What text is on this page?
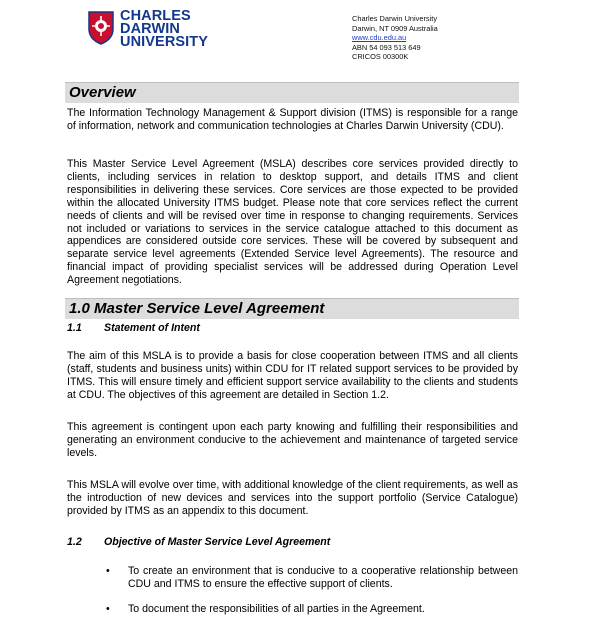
CHARLES
DARWIN
UNIVERSITY
Charles Darwin University
Darwin, NT 0909 Australia
www.cdu.edu.au
ABN 54 093 513 649
CRICOS 00300K
Overview
The Information Technology Management & Support division (ITMS) is responsible for a range of information, network and communication technologies at Charles Darwin University (CDU).
This Master Service Level Agreement (MSLA) describes core services provided directly to clients, including services in relation to desktop support, and details ITMS and client responsibilities in delivering these services. Core services are those expected to be provided within the allocated University ITMS budget. Please note that core services reflect the current needs of clients and will be revised over time in response to changing requirements. Services not included or variations to services in the service catalogue attached to this document as appendices are considered outside core services. These will be covered by subsequent and separate service level agreements (Extended Service level Agreements). The resource and financial impact of providing specialist services will be addressed during Operation Level Agreement negotiations.
1.0 Master Service Level Agreement
1.1 Statement of Intent
The aim of this MSLA is to provide a basis for close cooperation between ITMS and all clients (staff, students and business units) within CDU for IT related support services to be provided by ITMS. This will ensure timely and efficient support service availability to the clients and students at CDU. The objectives of this agreement are detailed in Section 1.2.
This agreement is contingent upon each party knowing and fulfilling their responsibilities and generating an environment conducive to the achievement and maintenance of targeted service levels.
This MSLA will evolve over time, with additional knowledge of the client requirements, as well as the introduction of new devices and services into the support portfolio (Service Catalogue) provided by ITMS as an appendix to this document.
1.2 Objective of Master Service Level Agreement
• To create an environment that is conducive to a cooperative relationship between CDU and ITMS to ensure the effective support of clients.
• To document the responsibilities of all parties in the Agreement.
